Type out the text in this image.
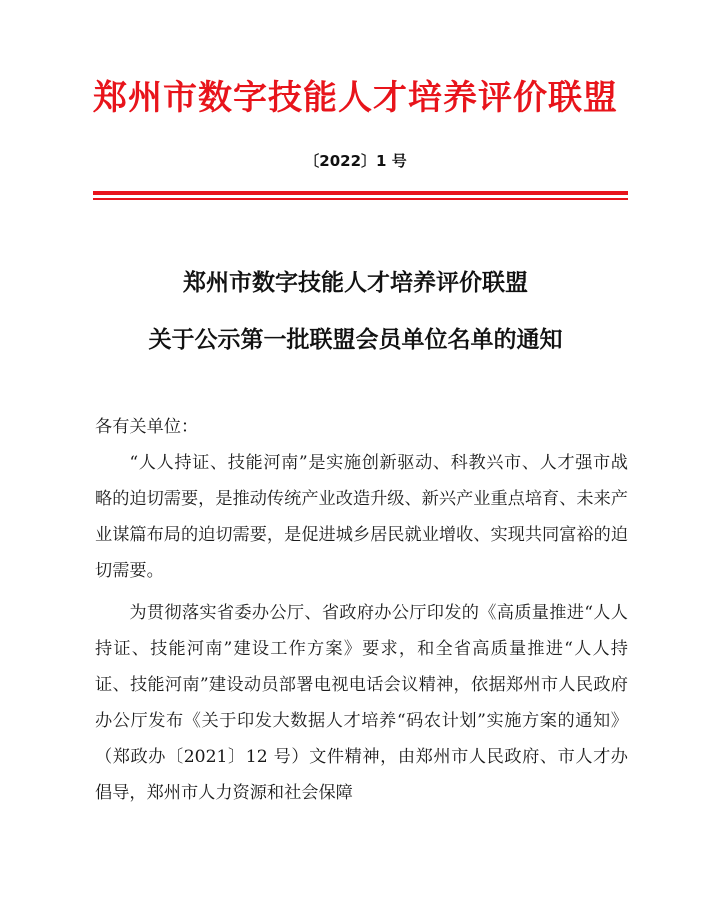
郑州市数字技能人才培养评价联盟
〔2022〕1 号
郑州市数字技能人才培养评价联盟
关于公示第一批联盟会员单位名单的通知
各有关单位：

“人人持证、技能河南”是实施创新驱动、科教兴市、人才强市战略的迫切需要，是推动传统产业改造升级、新兴产业重点培育、未来产业谋篇布局的迫切需要，是促进城乡居民就业增收、实现共同富裕的迫切需要。

为贯彻落实省委办公厅、省政府办公厅印发的《高质量推进“人人持证、技能河南”建设工作方案》要求，和全省高质量推进“人人持证、技能河南”建设动员部署电视电话会议精神，依据郑州市人民政府办公厅发布《关于印发大数据人才培养“码农计划”实施方案的通知》（郑政办〔2021〕12 号）文件精神，由郑州市人民政府、市人才办倡导，郑州市人力资源和社会保障
